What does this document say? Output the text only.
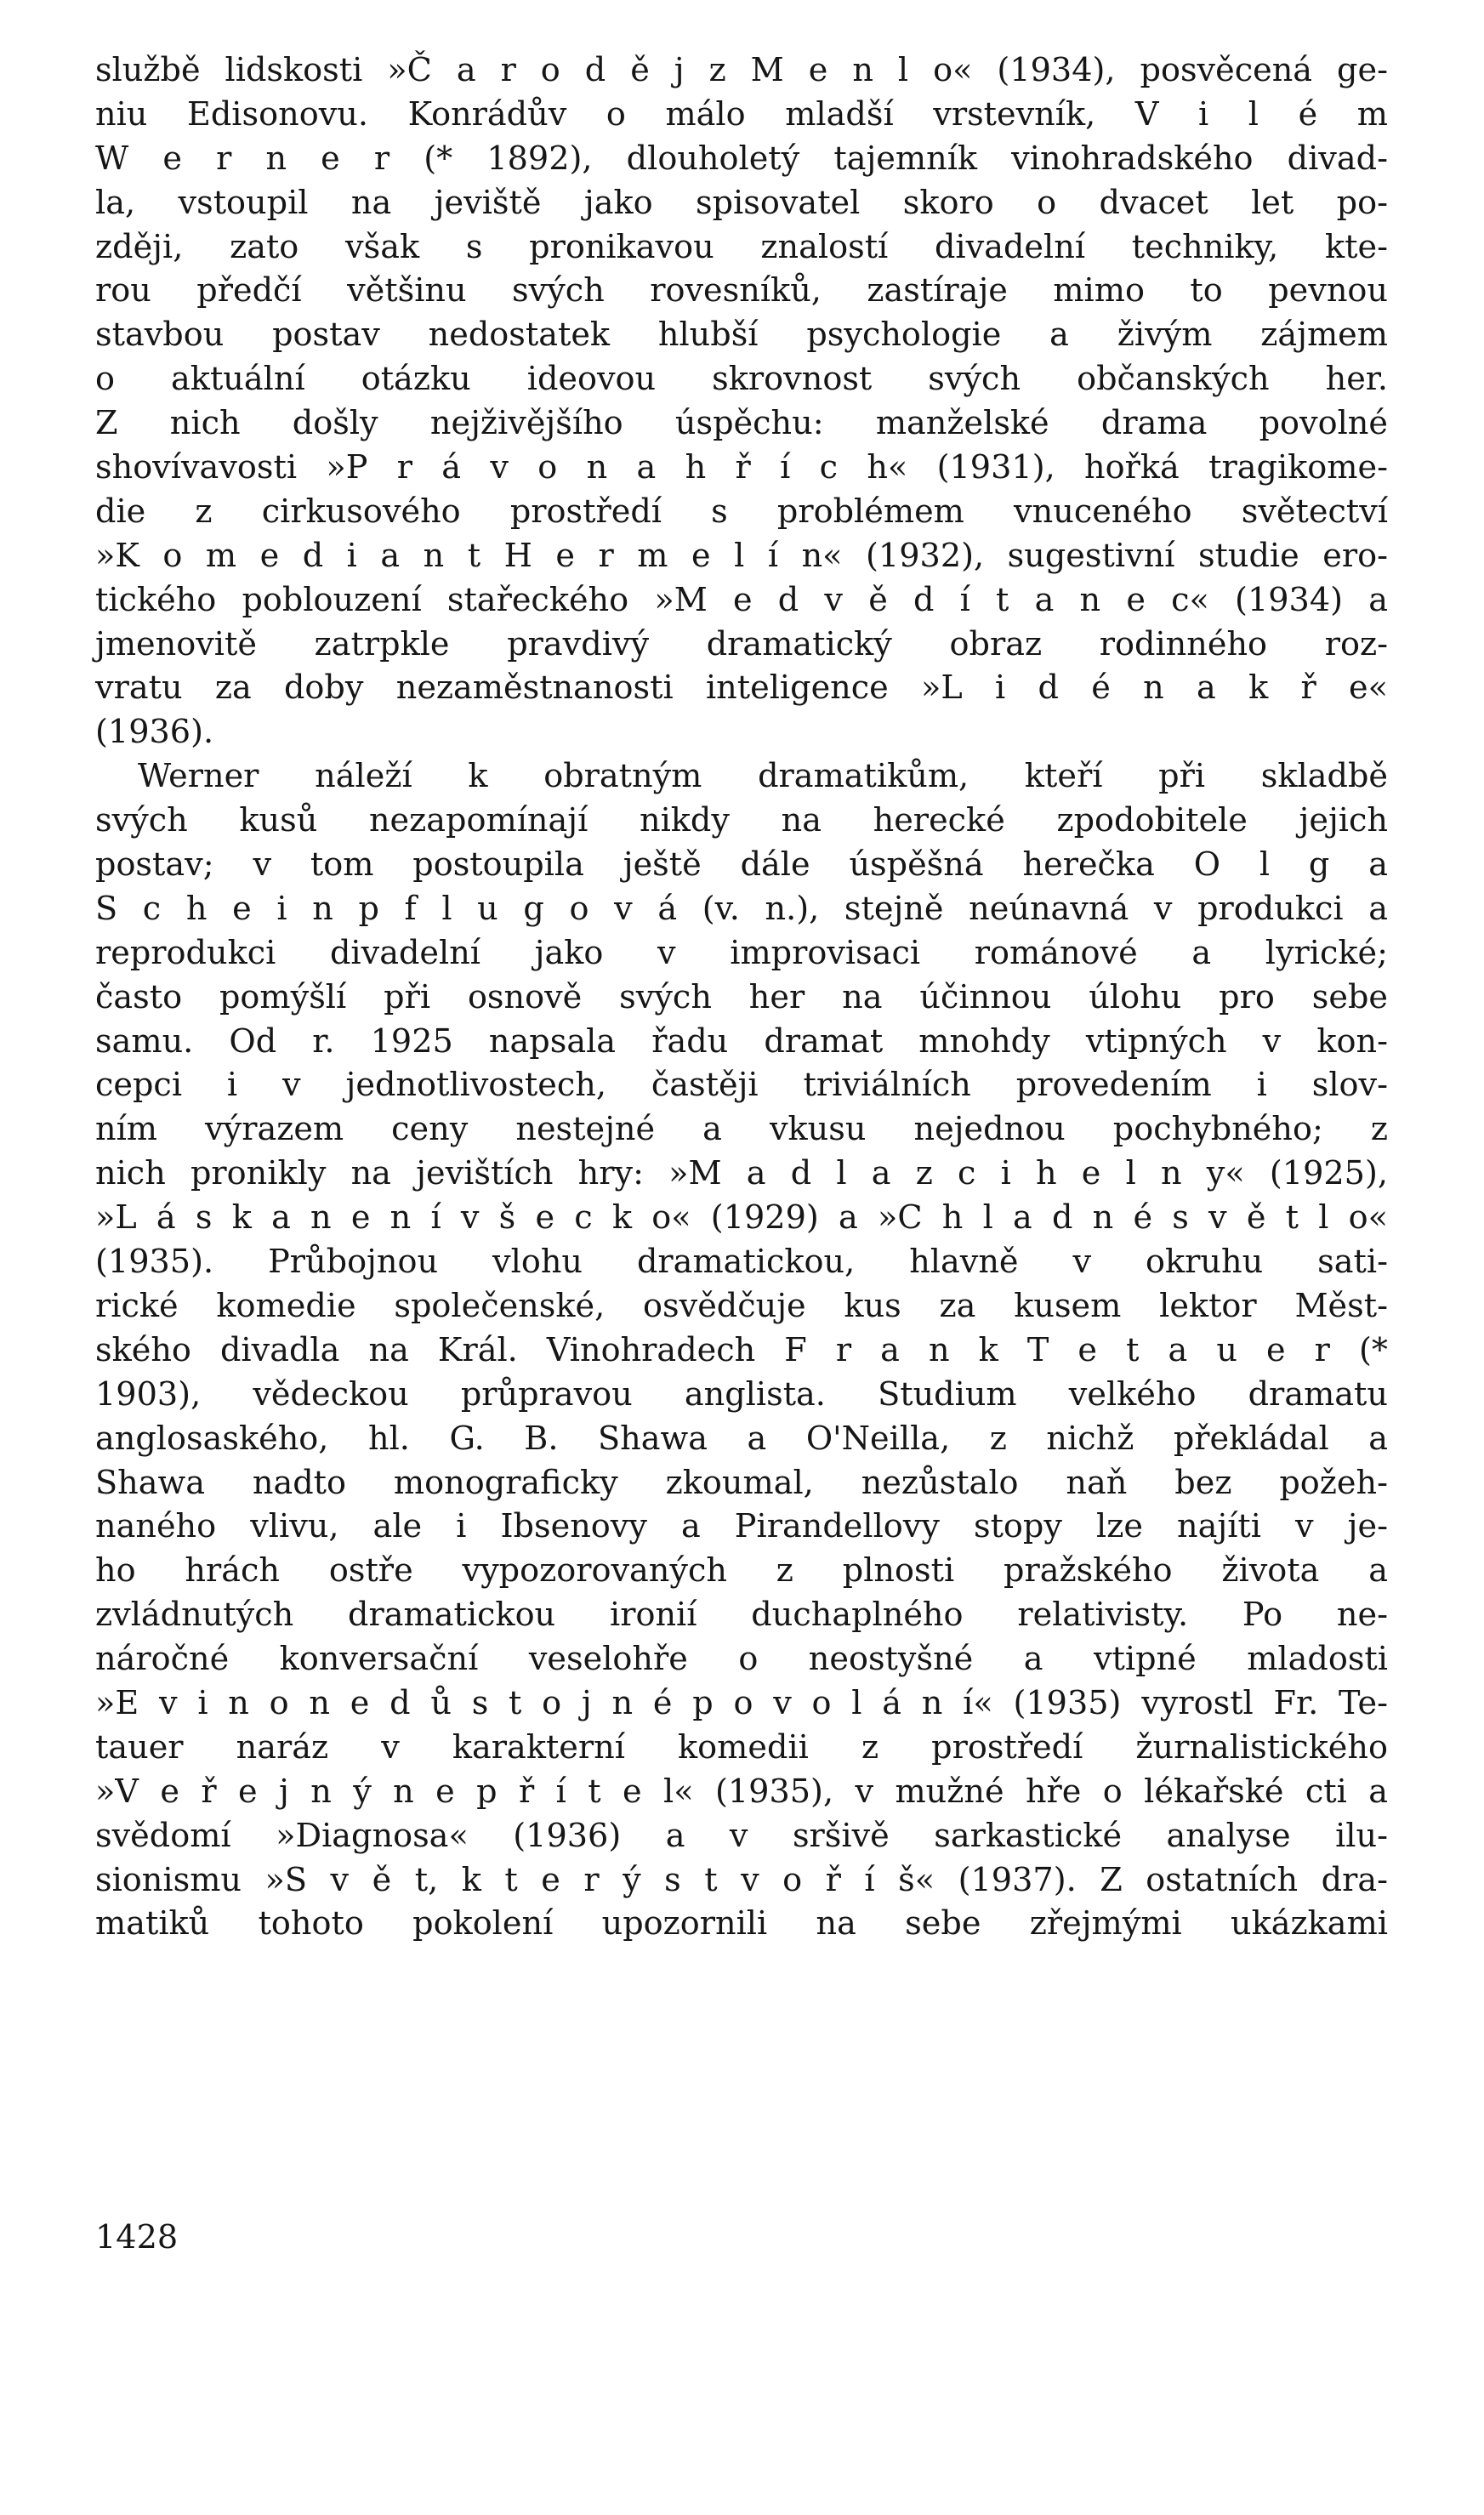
službě lidskosti »Č a r o d ě j z M e n l o« (1934), posvěcená ge-
niu Edisonovu. Konrádův o málo mladší vrstevník, V i l é m
W e r n e r (* 1892), dlouholetý tajemník vinohradského divad-
la, vstoupil na jeviště jako spisovatel skoro o dvacet let po-
zději, zato však s pronikavou znalostí divadelní techniky, kte-
rou předčí většinu svých rovesníků, zastíraje mimo to pevnou
stavbou postav nedostatek hlubší psychologie a živým zájmem
o aktuální otázku ideovou skrovnost svých občanských her.
Z nich došly nejživějšího úspěchu: manželské drama povolné
shovívavosti »P r á v o n a h ř í c h« (1931), hořká tragikome-
die z cirkusového prostředí s problémem vnuceného světectví
»K o m e d i a n t H e r m e l í n« (1932), sugestivní studie ero-
tického poblouzení stařeckého »M e d v ě d í t a n e c« (1934) a
jmenovitě zatrpkle pravdivý dramatický obraz rodinného roz-
vratu za doby nezaměstnanosti inteligence »L i d é n a k ř e«
(1936).
Werner náleží k obratným dramatikům, kteří při skladbě
svých kusů nezapomínají nikdy na herecké zpodobitele jejich
postav; v tom postoupila ještě dále úspěšná herečka O l g a
S c h e i n p f l u g o v á (v. n.), stejně neúnavná v produkci a
reprodukci divadelní jako v improvisaci románové a lyrické;
často pomýšlí při osnově svých her na účinnou úlohu pro sebe
samu. Od r. 1925 napsala řadu dramat mnohdy vtipných v kon-
cepci i v jednotlivostech, častěji triviálních provedením i slov-
ním výrazem ceny nestejné a vkusu nejednou pochybného; z
nich pronikly na jevištích hry: »M a d l a z c i h e l n y« (1925),
»L á s k a n e n í v š e c k o« (1929) a »C h l a d n é s v ě t l o«
(1935). Průbojnou vlohu dramatickou, hlavně v okruhu sati-
rické komedie společenské, osvědčuje kus za kusem lektor Měst-
ského divadla na Král. Vinohradech F r a n k T e t a u e r (*
1903), vědeckou průpravou anglista. Studium velkého dramatu
anglosaského, hl. G. B. Shawa a O'Neilla, z nichž překládal a
Shawa nadto monograficky zkoumal, nezůstalo naň bez požeh-
naného vlivu, ale i Ibsenovy a Pirandellovy stopy lze najíti v je-
ho hrách ostře vypozorovaných z plnosti pražského života a
zvládnutých dramatickou ironií duchaplného relativisty. Po ne-
náročné konversační veselohře o neostyšné a vtipné mladosti
»E v i n o n e d ů s t o j n é p o v o l á n í« (1935) vyrostl Fr. Te-
tauer naráz v karakterní komedii z prostředí žurnalistického
»V e ř e j n ý n e p ř í t e l« (1935), v mužné hře o lékařské cti a
svědomí »Diagnosa« (1936) a v sršivě sarkastické analyse ilu-
sionismu »S v ě t, k t e r ý s t v o ř í š« (1937). Z ostatních dra-
matiků tohoto pokolení upozornili na sebe zřejmými ukázkami
1428
